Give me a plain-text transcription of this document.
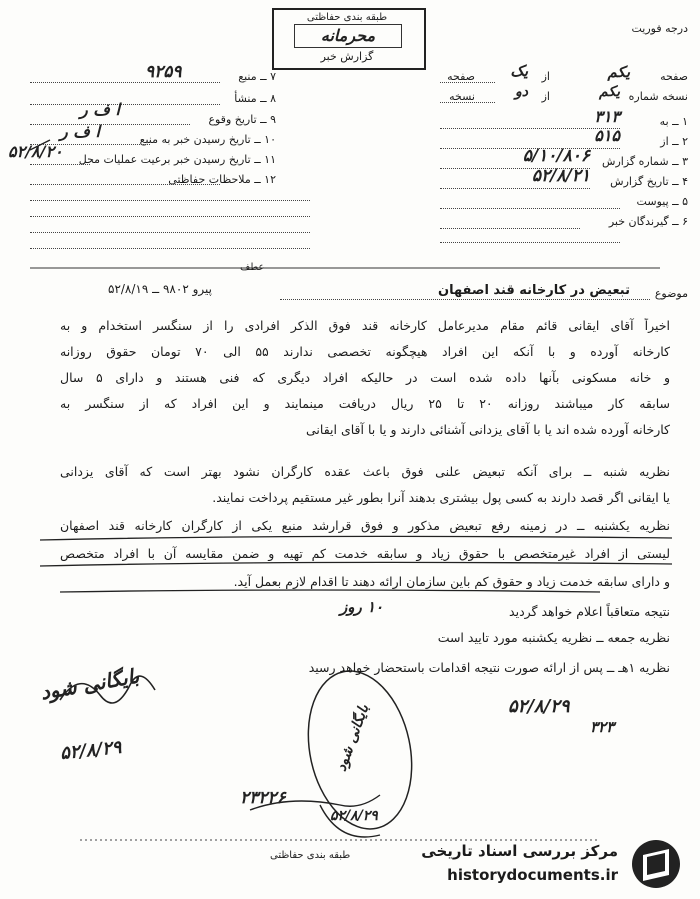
درجه فوریت
طبقه بندی حفاظتی
محرمانه
گزارش خبر
صفحه
نسخه شماره
یکم
یکم
از
یک
صفحه
از
دو
نسخه
۱ ــ به
۳۱۳
۲ ــ از
۵۱۵
۳ ــ شماره گزارش
۵/۱۰/۸۰۶
۴ ــ تاریخ گزارش
۵۲/۸/۲۱
۵ ــ پیوست
۶ ــ گیرندگان خبر
۷ ــ منبع
۹۲۵۹
۸ ــ منشأ
۹ ــ تاریخ وقوع
ا ف ر
۱۰ ــ تاریخ رسیدن خبر به منبع
ا ف ر
۱۱ ــ تاریخ رسیدن خبر برعیت عملیات محل
۵۲/۸/۲۰
۱۲ ــ ملاحظات حفاظتی
موضوع
تبعیض در کارخانه قند اصفهان
عطف
پیرو ۹۸۰۲ ــ ۵۲/۸/۱۹
اخیراً آقای ایقانی قائم مقام مدیرعامل کارخانه قند فوق الذکر افرادی را از سنگسر استخدام و به
کارخانه آورده و با آنکه این افراد هیچگونه تخصصی ندارند ۵۵ الی ۷۰ تومان حقوق روزانه
و خانه مسکونی بآنها داده شده است در حالیکه افراد دیگری که فنی هستند و دارای ۵ سال
سابقه کار میباشند روزانه ۲۰ تا ۲۵ ریال دریافت مینمایند و این افراد که از سنگسر به
کارخانه آورده شده اند یا با آقای یزدانی آشنائی دارند و یا با آقای ایقانی
نظریه شنبه ــ برای آنکه تبعیض علنی فوق باعث عقده کارگران نشود بهتر است که آقای یزدانی
یا ایقانی اگر قصد دارند به کسی پول بیشتری بدهند آنرا بطور غیر مستقیم پرداخت نمایند.
نظریه یکشنبه ــ در زمینه رفع تبعیض مذکور و فوق قرارشد منبع یکی از کارگران کارخانه قند اصفهان
لیستی از افراد غیرمتخصص با حقوق زیاد و سابقه خدمت کم تهیه و ضمن مقایسه آن با افراد متخصص
و دارای سابقه خدمت زیاد و حقوق کم باین سازمان ارائه دهند تا اقدام لازم بعمل آید.
نتیجه متعاقباً اعلام خواهد گردید
۱۰ روز
نظریه جمعه ــ نظریه یکشنبه مورد تایید است
نظریه ۱هـ ــ پس از ارائه صورت نتیجه اقدامات باستحضار خواهد رسید
بایگانی شود
۵۲/۸/۲۹
۵۲/۸/۲۹
۳۲۳
بایگانی شود
۲۳۲۲۶
۵۲/۸/۲۹
طبقه بندی حفاظتی	مرکز بررسی اسناد تاریخی
historydocuments.ir
